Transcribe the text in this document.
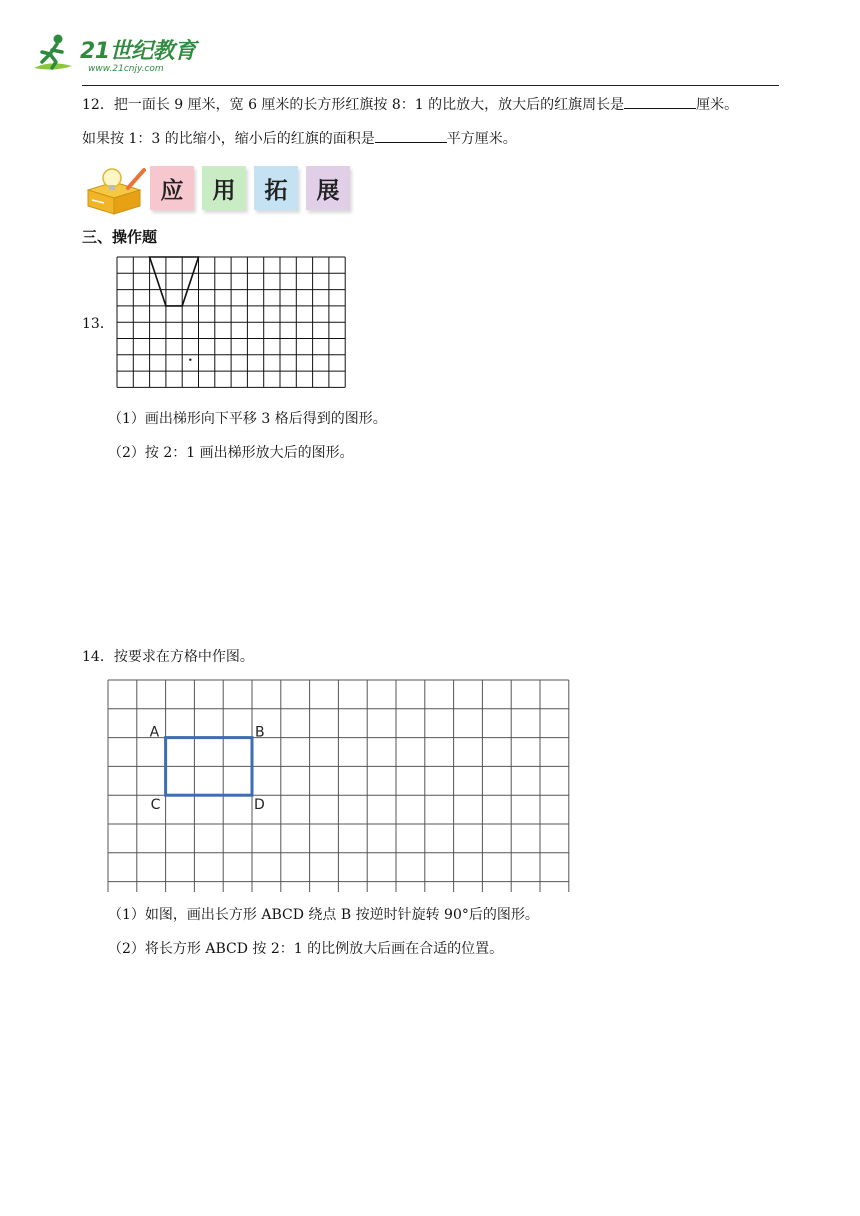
21世纪教育
www.21cnjy.com
12．把一面长 9 厘米，宽 6 厘米的长方形红旗按 8：1 的比放大，放大后的红旗周长是	厘米。
如果按 1：3 的比缩小，缩小后的红旗的面积是	平方厘米。
应	用	拓	展
三、操作题
13．
（1）画出梯形向下平移 3 格后得到的图形。
（2）按 2：1 画出梯形放大后的图形。
14．按要求在方格中作图。
A	B
C	D
（1）如图，画出长方形 ABCD 绕点 B 按逆时针旋转 90°后的图形。
（2）将长方形 ABCD 按 2：1 的比例放大后画在合适的位置。
